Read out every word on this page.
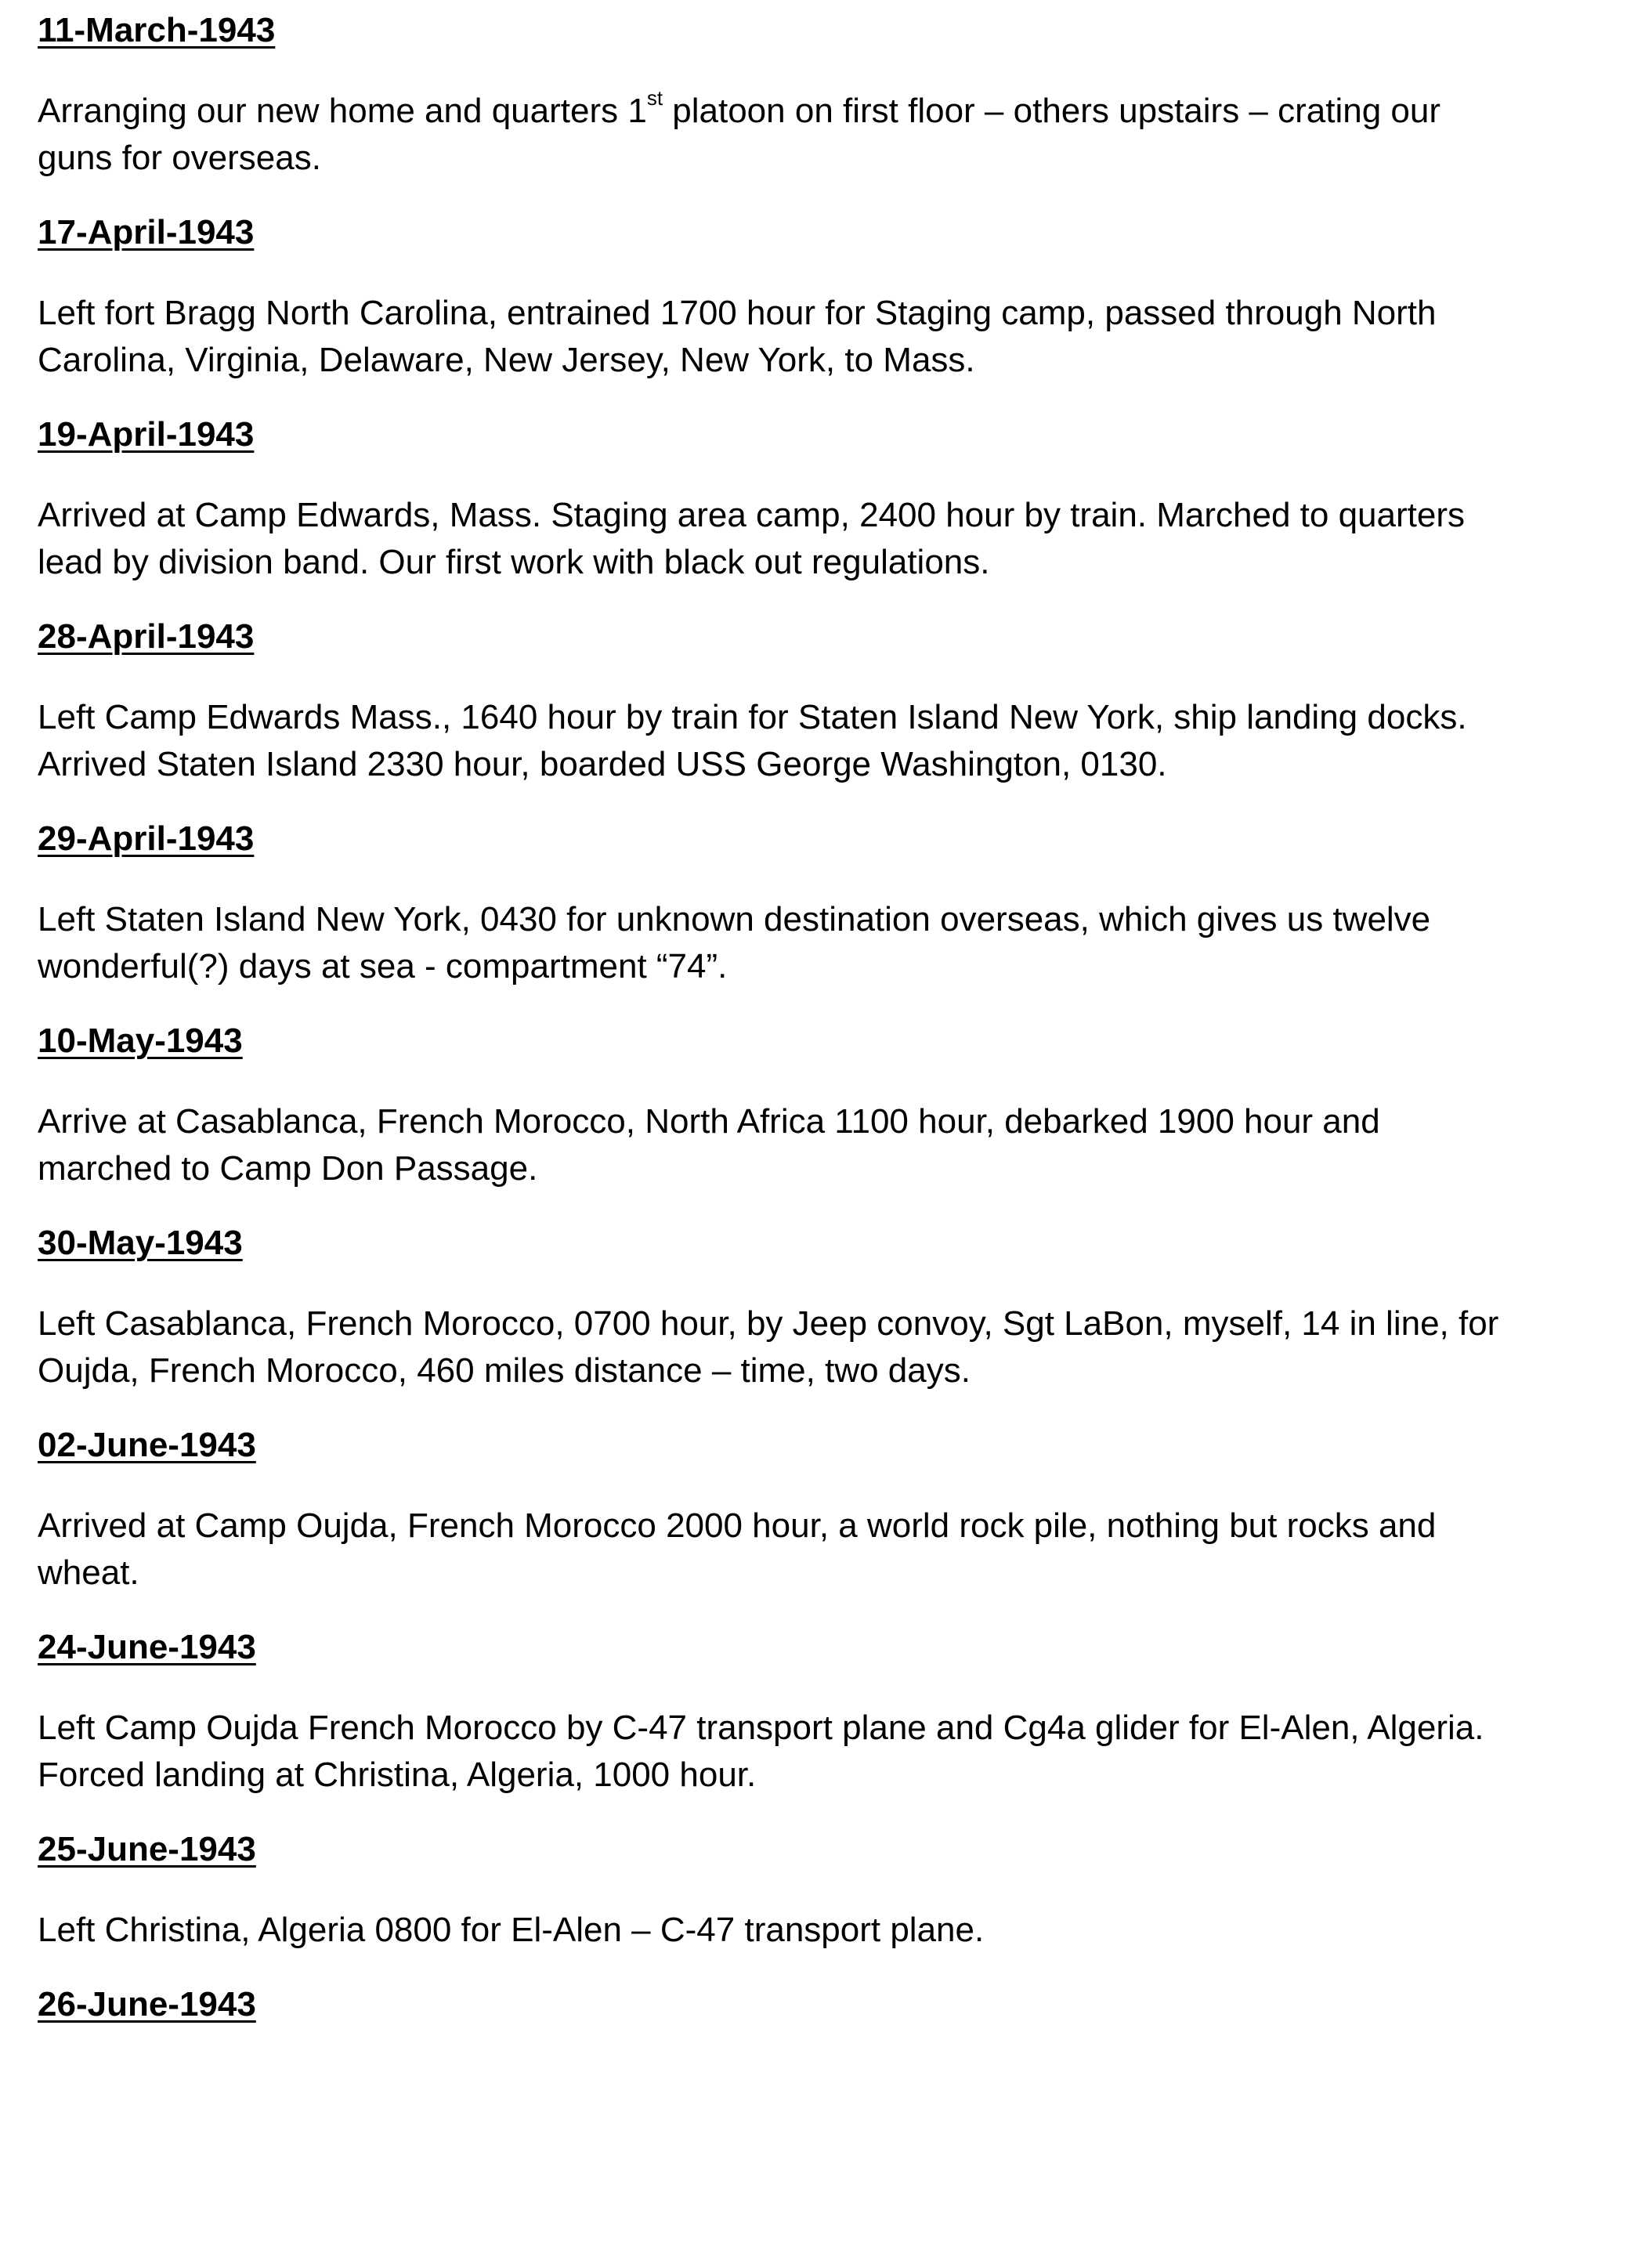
11-March-1943
Arranging our new home and quarters 1st platoon on first floor – others upstairs – crating our
guns for overseas.
17-April-1943
Left fort Bragg North Carolina, entrained 1700 hour for Staging camp, passed through North
Carolina, Virginia, Delaware, New Jersey, New York, to Mass.
19-April-1943
Arrived at Camp Edwards, Mass. Staging area camp, 2400 hour by train. Marched to quarters
lead by division band. Our first work with black out regulations.
28-April-1943
Left Camp Edwards Mass., 1640 hour by train for Staten Island New York, ship landing docks.
Arrived Staten Island 2330 hour, boarded USS George Washington, 0130.
29-April-1943
Left Staten Island New York, 0430 for unknown destination overseas, which gives us twelve
wonderful(?) days at sea - compartment “74”.
10-May-1943
Arrive at Casablanca, French Morocco, North Africa 1100 hour, debarked 1900 hour and
marched to Camp Don Passage.
30-May-1943
Left Casablanca, French Morocco, 0700 hour, by Jeep convoy, Sgt LaBon, myself, 14 in line, for
Oujda, French Morocco, 460 miles distance – time, two days.
02-June-1943
Arrived at Camp Oujda, French Morocco 2000 hour, a world rock pile, nothing but rocks and
wheat.
24-June-1943
Left Camp Oujda French Morocco by C-47 transport plane and Cg4a glider for El-Alen, Algeria.
Forced landing at Christina, Algeria, 1000 hour.
25-June-1943
Left Christina, Algeria 0800 for El-Alen – C-47 transport plane.
26-June-1943
